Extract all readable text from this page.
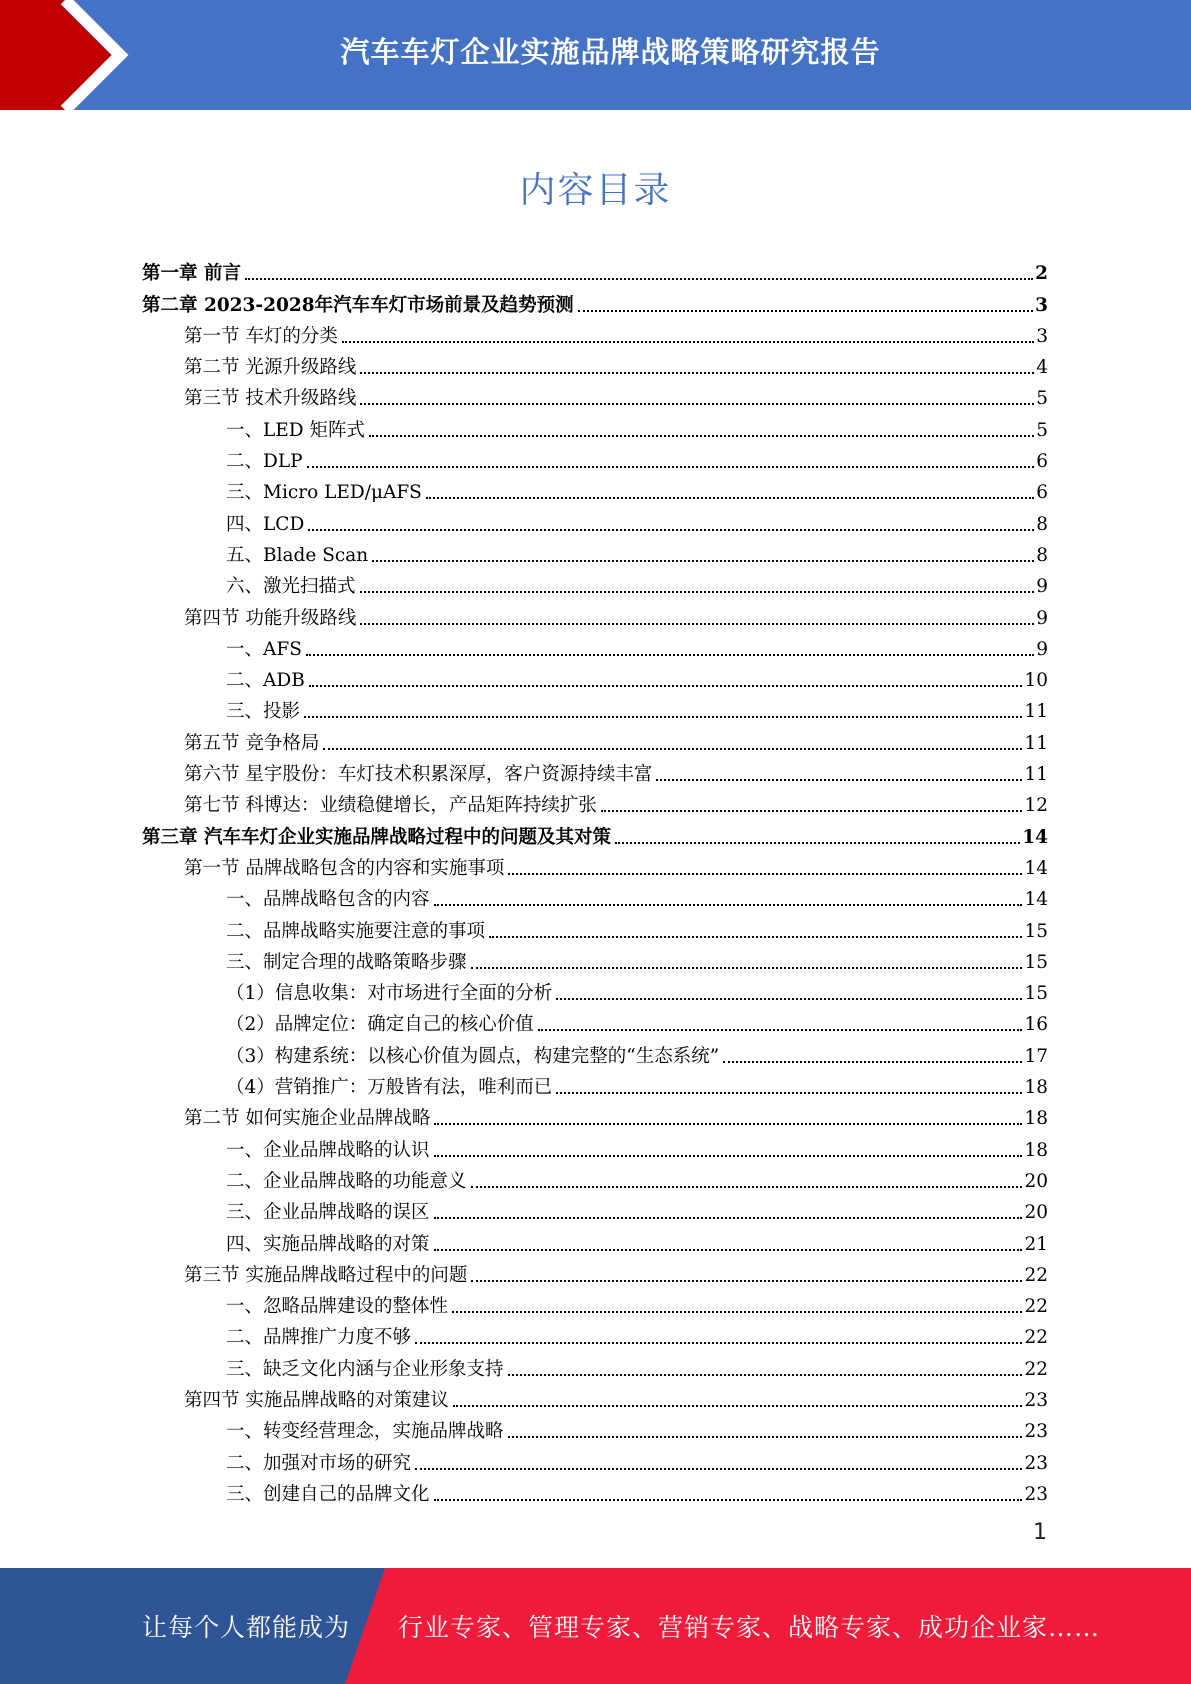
汽车车灯企业实施品牌战略策略研究报告
内容目录
第一章 前言	2
第二章 2023-2028年汽车车灯市场前景及趋势预测	3
第一节 车灯的分类	3
第二节 光源升级路线	4
第三节 技术升级路线	5
一、LED 矩阵式	5
二、DLP	6
三、Micro LED/μAFS	6
四、LCD	8
五、Blade Scan	8
六、激光扫描式	9
第四节 功能升级路线	9
一、AFS	9
二、ADB	10
三、投影	11
第五节 竞争格局	11
第六节 星宇股份：车灯技术积累深厚，客户资源持续丰富	11
第七节 科博达：业绩稳健增长，产品矩阵持续扩张	12
第三章 汽车车灯企业实施品牌战略过程中的问题及其对策	14
第一节 品牌战略包含的内容和实施事项	14
一、品牌战略包含的内容	14
二、品牌战略实施要注意的事项	15
三、制定合理的战略策略步骤	15
（1）信息收集：对市场进行全面的分析	15
（2）品牌定位：确定自己的核心价值	16
（3）构建系统：以核心价值为圆点，构建完整的“生态系统”	17
（4）营销推广：万般皆有法，唯利而已	18
第二节 如何实施企业品牌战略	18
一、企业品牌战略的认识	18
二、企业品牌战略的功能意义	20
三、企业品牌战略的误区	20
四、实施品牌战略的对策	21
第三节 实施品牌战略过程中的问题	22
一、忽略品牌建设的整体性	22
二、品牌推广力度不够	22
三、缺乏文化内涵与企业形象支持	22
第四节 实施品牌战略的对策建议	23
一、转变经营理念，实施品牌战略	23
二、加强对市场的研究	23
三、创建自己的品牌文化	23
1
让每个人都能成为 行业专家、管理专家、营销专家、战略专家、成功企业家……
